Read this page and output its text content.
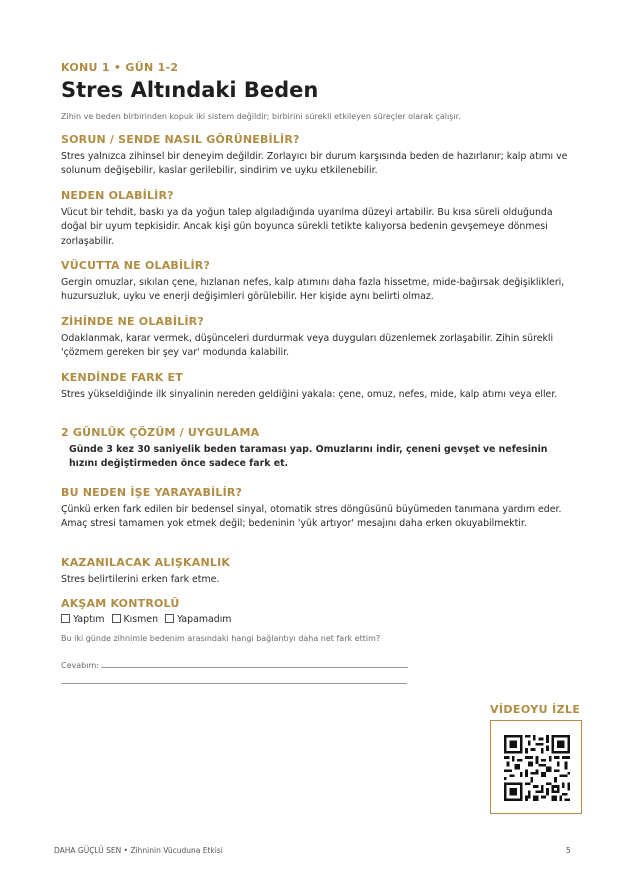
KONU 1 • GÜN 1-2
Stres Altındaki Beden
Zihin ve beden birbirinden kopuk iki sistem değildir; birbirini sürekli etkileyen süreçler olarak çalışır.
SORUN / SENDE NASIL GÖRÜNEBİLİR?

Stres yalnızca zihinsel bir deneyim değildir. Zorlayıcı bir durum karşısında beden de hazırlanır; kalp atımı ve solunum değişebilir, kaslar gerilebilir, sindirim ve uyku etkilenebilir.

NEDEN OLABİLİR?

Vücut bir tehdit, baskı ya da yoğun talep algıladığında uyarılma düzeyi artabilir. Bu kısa süreli olduğunda doğal bir uyum tepkisidir. Ancak kişi gün boyunca sürekli tetikte kalıyorsa bedenin gevşemeye dönmesi zorlaşabilir.

VÜCUTTA NE OLABİLİR?

Gergin omuzlar, sıkılan çene, hızlanan nefes, kalp atımını daha fazla hissetme, mide-bağırsak değişiklikleri, huzursuzluk, uyku ve enerji değişimleri görülebilir. Her kişide aynı belirti olmaz.

ZİHİNDE NE OLABİLİR?

Odaklanmak, karar vermek, düşünceleri durdurmak veya duyguları düzenlemek zorlaşabilir. Zihin sürekli 'çözmem gereken bir şey var' modunda kalabilir.

KENDİNDE FARK ET

Stres yükseldiğinde ilk sinyalinin nereden geldiğini yakala: çene, omuz, nefes, mide, kalp atımı veya eller.

2 GÜNLÜK ÇÖZÜM / UYGULAMA

Günde 3 kez 30 saniyelik beden taraması yap. Omuzlarını indir, çeneni gevşet ve nefesinin hızını değiştirmeden önce sadece fark et.

BU NEDEN İŞE YARAYABİLİR?

Çünkü erken fark edilen bir bedensel sinyal, otomatik stres döngüsünü büyümeden tanımana yardım eder. Amaç stresi tamamen yok etmek değil; bedeninin 'yük artıyor' mesajını daha erken okuyabilmektir.

KAZANILACAK ALIŞKANLIK

Stres belirtilerini erken fark etme.

AKŞAM KONTROLÜ
Yaptım Kısmen Yapamadım
Bu iki günde zihnimle bedenim arasındaki hangi bağlantıyı daha net fark ettim?
Cevabım:
VİDEOYU İZLE
DAHA GÜÇLÜ SEN • Zihninin Vücuduna Etkisi	5
